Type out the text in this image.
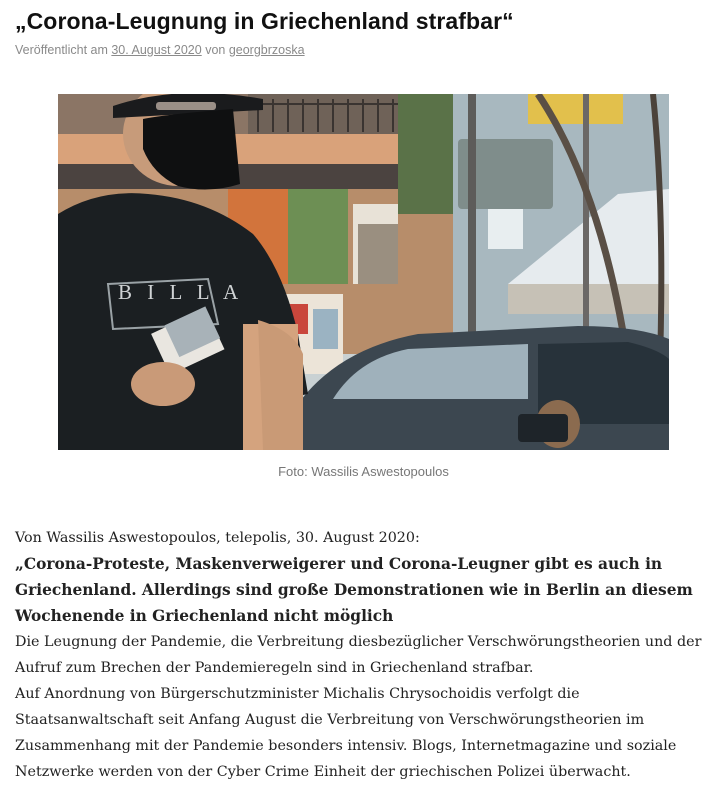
„Corona-Leugnung in Griechenland strafbar“
Veröffentlicht am 30. August 2020 von georgbrzoska
B I L L A
Foto: Wassilis Aswestopoulos

Von Wassilis Aswestopoulos, telepolis, 30. August 2020:

„Corona-Proteste, Maskenverweigerer und Corona-Leugner gibt es auch in Griechenland. Allerdings sind große Demonstrationen wie in Berlin an diesem Wochenende in Griechenland nicht möglich

Die Leugnung der Pandemie, die Verbreitung diesbezüglicher Verschwörungstheorien und der Aufruf zum Brechen der Pandemieregeln sind in Griechenland strafbar.

Auf Anordnung von Bürgerschutzminister Michalis Chrysochoidis verfolgt die Staatsanwaltschaft seit Anfang August die Verbreitung von Verschwörungstheorien im Zusammenhang mit der Pandemie besonders intensiv. Blogs, Internetmagazine und soziale Netzwerke werden von der Cyber Crime Einheit der griechischen Polizei überwacht.
